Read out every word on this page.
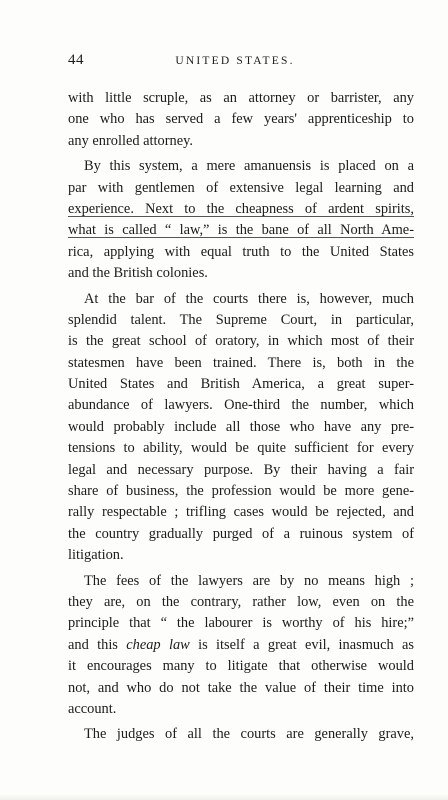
44	UNITED STATES.
with little scruple, as an attorney or barrister, any
one who has served a few years' apprenticeship to
any enrolled attorney.
By this system, a mere amanuensis is placed on a
par with gentlemen of extensive legal learning and
experience. Next to the cheapness of ardent spirits,
what is called “ law,” is the bane of all North Ame-
rica, applying with equal truth to the United States
and the British colonies.
At the bar of the courts there is, however, much
splendid talent. The Supreme Court, in particular,
is the great school of oratory, in which most of their
statesmen have been trained. There is, both in the
United States and British America, a great super-
abundance of lawyers. One-third the number, which
would probably include all those who have any pre-
tensions to ability, would be quite sufficient for every
legal and necessary purpose. By their having a fair
share of business, the profession would be more gene-
rally respectable ; trifling cases would be rejected, and
the country gradually purged of a ruinous system of
litigation.
The fees of the lawyers are by no means high ;
they are, on the contrary, rather low, even on the
principle that “ the labourer is worthy of his hire;”
and this cheap law is itself a great evil, inasmuch as
it encourages many to litigate that otherwise would
not, and who do not take the value of their time into
account.
The judges of all the courts are generally grave,
